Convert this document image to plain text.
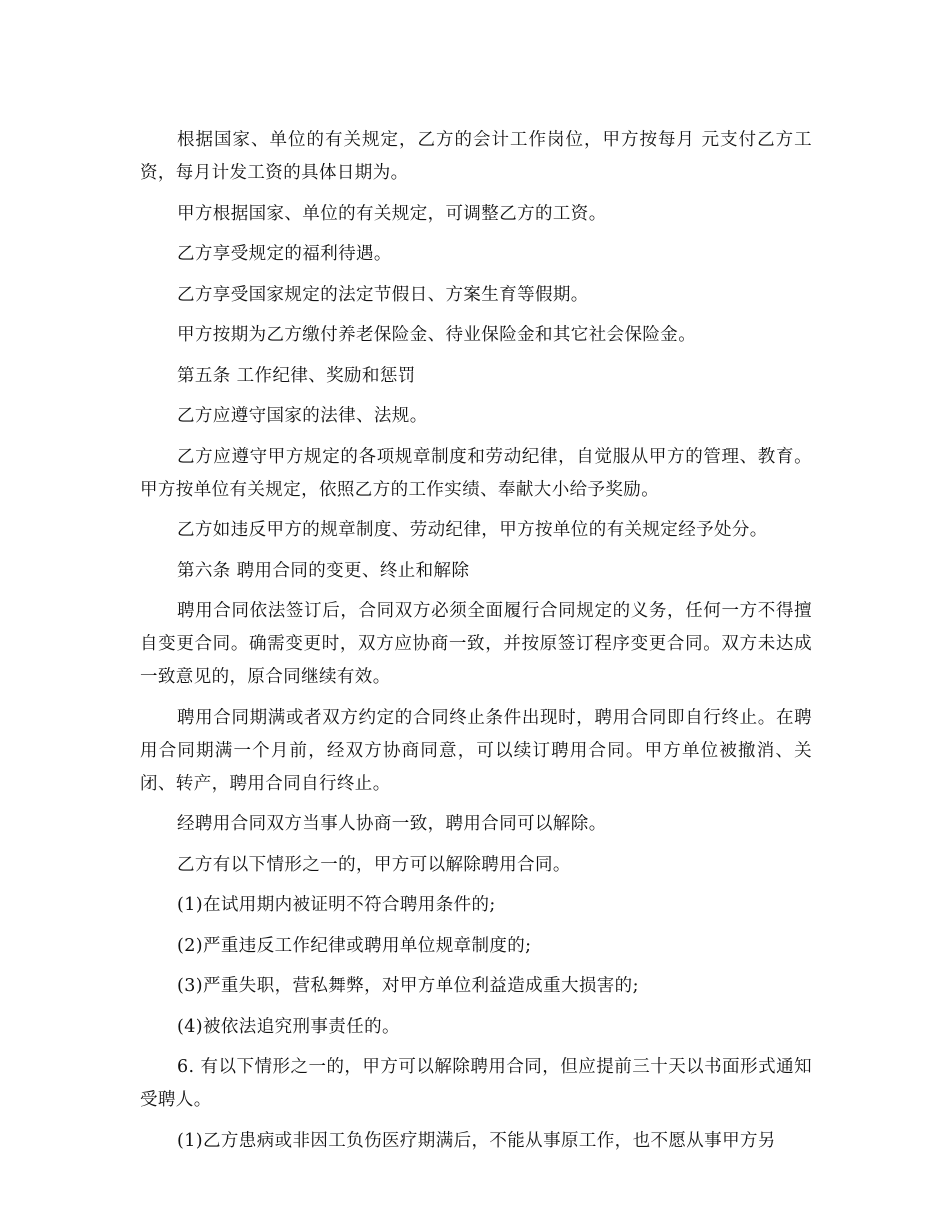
根据国家、单位的有关规定，乙方的会计工作岗位，甲方按每月 元支付乙方工资，每月计发工资的具体日期为。

甲方根据国家、单位的有关规定，可调整乙方的工资。

乙方享受规定的福利待遇。

乙方享受国家规定的法定节假日、方案生育等假期。

甲方按期为乙方缴付养老保险金、待业保险金和其它社会保险金。

第五条 工作纪律、奖励和惩罚

乙方应遵守国家的法律、法规。

乙方应遵守甲方规定的各项规章制度和劳动纪律，自觉服从甲方的管理、教育。 甲方按单位有关规定，依照乙方的工作实绩、奉献大小给予奖励。

乙方如违反甲方的规章制度、劳动纪律，甲方按单位的有关规定经予处分。

第六条 聘用合同的变更、终止和解除

聘用合同依法签订后，合同双方必须全面履行合同规定的义务，任何一方不得擅自变更合同。确需变更时，双方应协商一致，并按原签订程序变更合同。双方未达成一致意见的，原合同继续有效。

聘用合同期满或者双方约定的合同终止条件出现时，聘用合同即自行终止。在聘用合同期满一个月前，经双方协商同意，可以续订聘用合同。甲方单位被撤消、关闭、转产，聘用合同自行终止。

经聘用合同双方当事人协商一致，聘用合同可以解除。

乙方有以下情形之一的，甲方可以解除聘用合同。

(1)在试用期内被证明不符合聘用条件的;

(2)严重违反工作纪律或聘用单位规章制度的;

(3)严重失职，营私舞弊，对甲方单位利益造成重大损害的;

(4)被依法追究刑事责任的。

6. 有以下情形之一的，甲方可以解除聘用合同，但应提前三十天以书面形式通知受聘人。

(1)乙方患病或非因工负伤医疗期满后，不能从事原工作，也不愿从事甲方另
